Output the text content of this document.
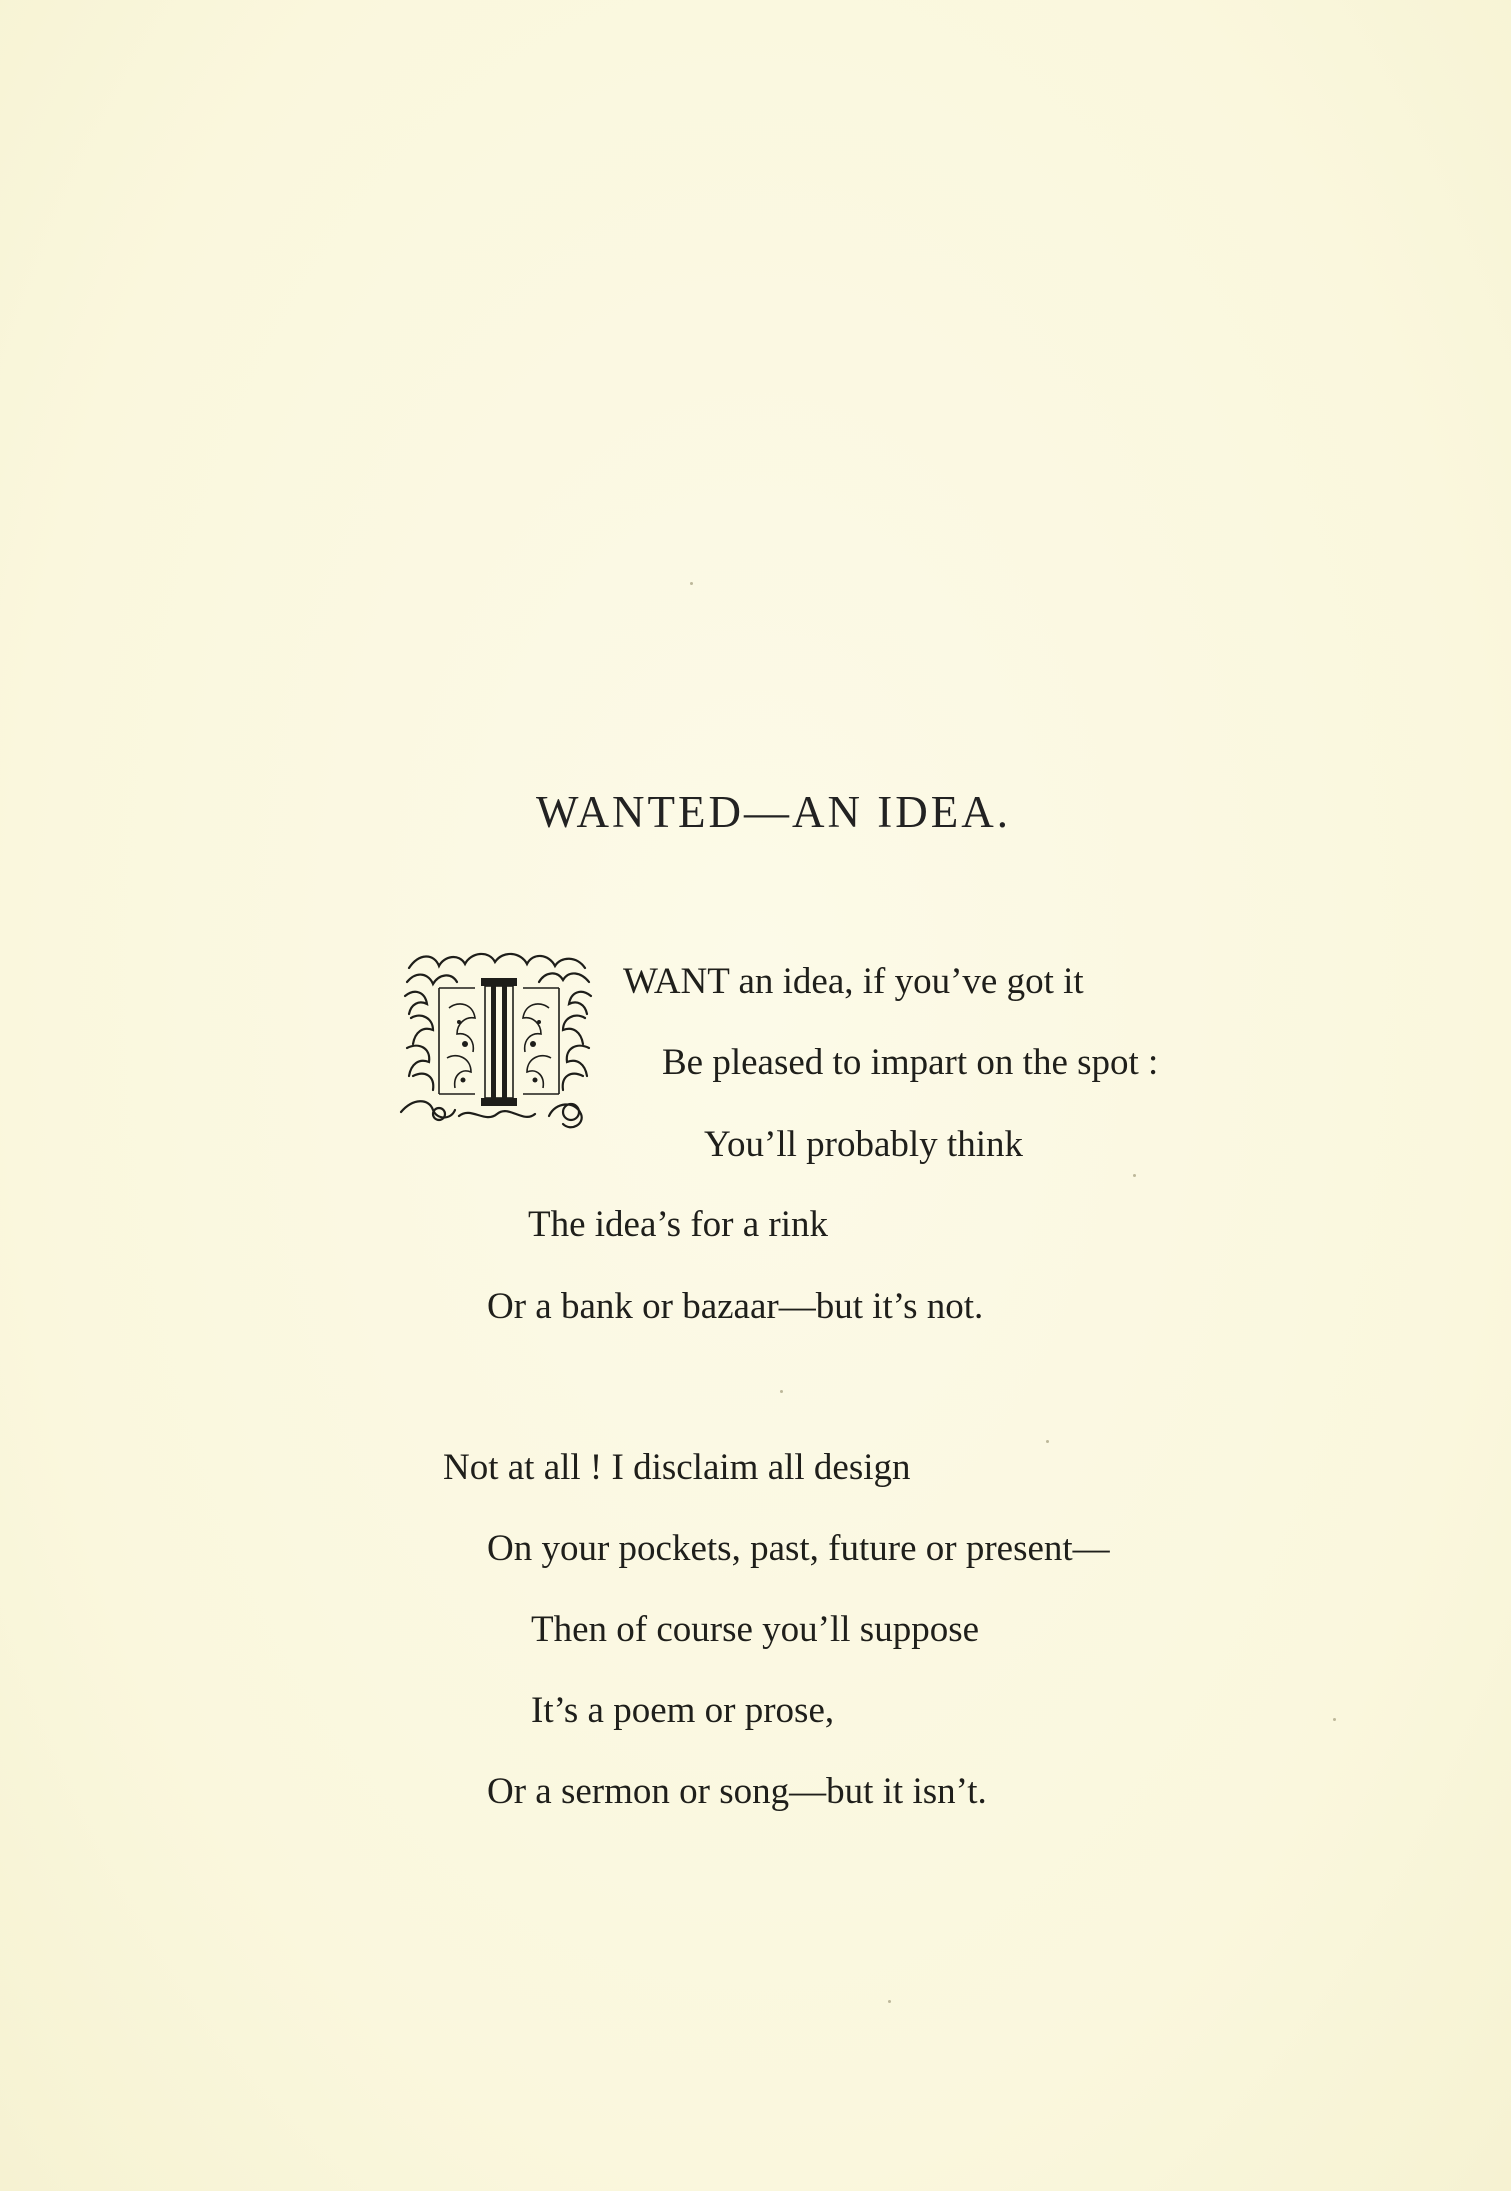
WANTED—AN IDEA.
WANT an idea, if you’ve got it
Be pleased to impart on the spot :
You’ll probably think
The idea’s for a rink
Or a bank or bazaar—but it’s not.
Not at all ! I disclaim all design
On your pockets, past, future or present—
Then of course you’ll suppose
It’s a poem or prose,
Or a sermon or song—but it isn’t.
